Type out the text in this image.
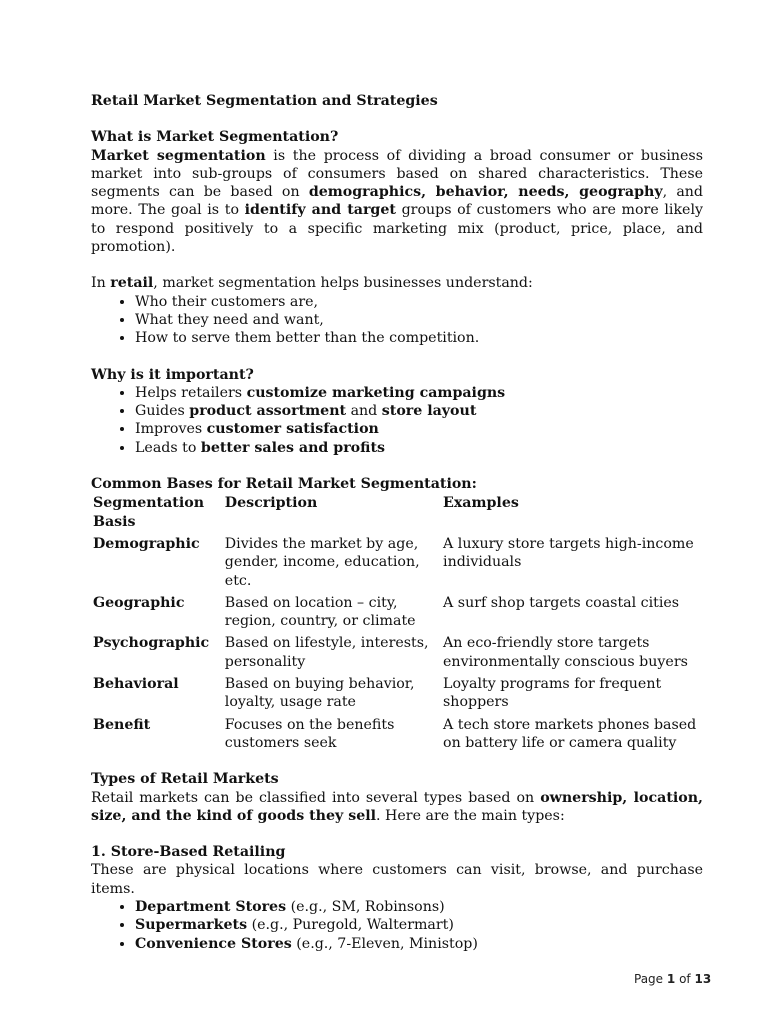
Retail Market Segmentation and Strategies

What is Market Segmentation?

Market segmentation is the process of dividing a broad consumer or business market into sub-groups of consumers based on shared characteristics. These segments can be based on demographics, behavior, needs, geography, and more. The goal is to identify and target groups of customers who are more likely to respond positively to a specific marketing mix (product, price, place, and promotion).

In retail, market segmentation helps businesses understand:

• Who their customers are,
• What they need and want,
• How to serve them better than the competition.

Why is it important?

• Helps retailers customize marketing campaigns
• Guides product assortment and store layout
• Improves customer satisfaction
• Leads to better sales and profits

Common Bases for Retail Market Segmentation:

Segmentation Basis	Description	Examples
Demographic	Divides the market by age, gender, income, education, etc.	A luxury store targets high-income individuals
Geographic	Based on location – city, region, country, or climate	A surf shop targets coastal cities
Psychographic	Based on lifestyle, interests, personality	An eco-friendly store targets environmentally conscious buyers
Behavioral	Based on buying behavior, loyalty, usage rate	Loyalty programs for frequent shoppers
Benefit	Focuses on the benefits customers seek	A tech store markets phones based on battery life or camera quality

Types of Retail Markets

Retail markets can be classified into several types based on ownership, location, size, and the kind of goods they sell. Here are the main types:

1. Store-Based Retailing

These are physical locations where customers can visit, browse, and purchase items.

• Department Stores (e.g., SM, Robinsons)
• Supermarkets (e.g., Puregold, Waltermart)
• Convenience Stores (e.g., 7-Eleven, Ministop)
Page 1 of 13
